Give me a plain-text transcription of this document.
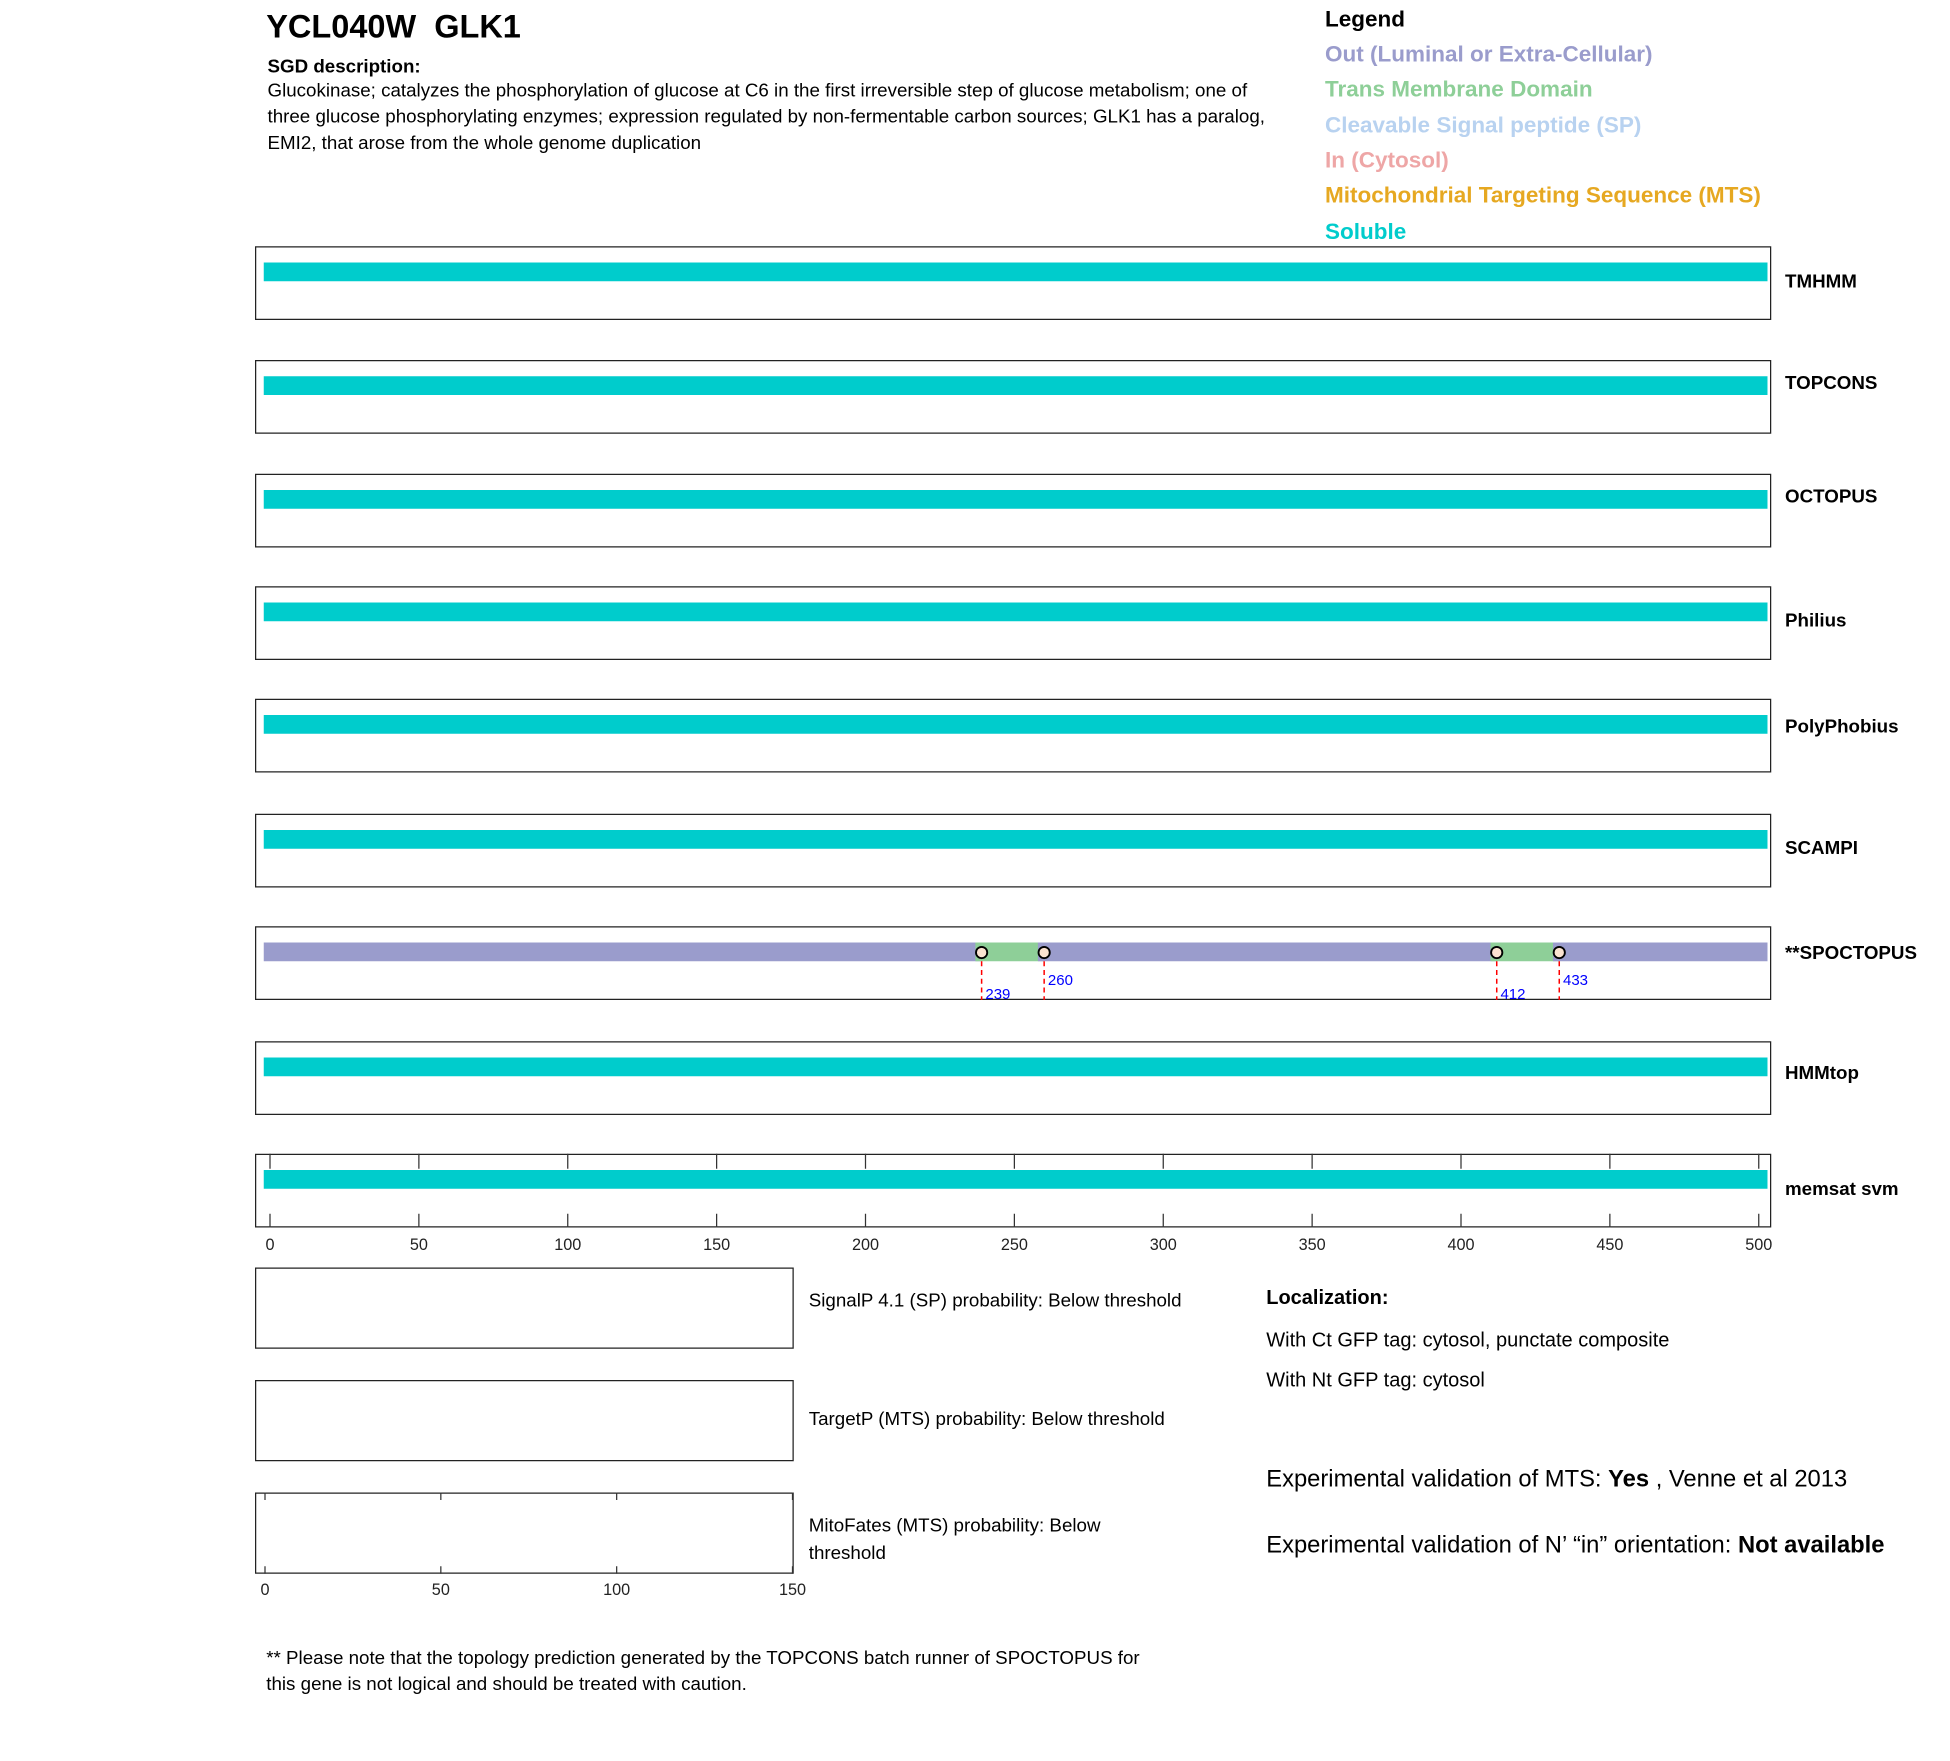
YCL040W  GLK1
SGD description:
Glucokinase; catalyzes the phosphorylation of glucose at C6 in the first irreversible step of glucose metabolism; one of three glucose phosphorylating enzymes; expression regulated by non-fermentable carbon sources; GLK1 has a paralog, EMI2, that arose from the whole genome duplication
Legend
Out (Luminal or Extra-Cellular)
Trans Membrane Domain
Cleavable Signal peptide (SP)
In (Cytosol)
Mitochondrial Targeting Sequence (MTS)
Soluble
TMHMM
TOPCONS
OCTOPUS
Philius
PolyPhobius
SCAMPI
239
260
412
433
**SPOCTOPUS
HMMtop
0	50	100	150	200	250	300	350	400	450	500
memsat svm
SignalP 4.1 (SP) probability: Below threshold
TargetP (MTS) probability: Below threshold
0	50	100	150
MitoFates (MTS) probability: Below threshold
Localization:
With Ct GFP tag: cytosol, punctate composite
With Nt GFP tag: cytosol
Experimental validation of MTS: Yes , Venne et al 2013
Experimental validation of N’ “in” orientation: Not available
** Please note that the topology prediction generated by the TOPCONS batch runner of SPOCTOPUS for this gene is not logical and should be treated with caution.
